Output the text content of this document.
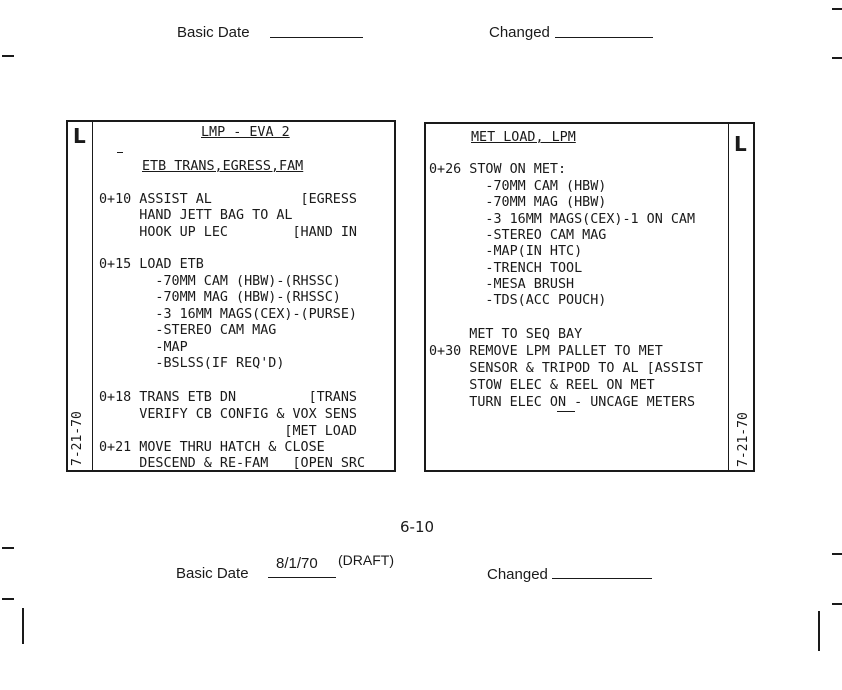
Basic Date	Changed
L
7-21-70
LMP - EVA 2
ETB TRANS,EGRESS,FAM
0+10 ASSIST AL           [EGRESS
HAND JETT BAG TO AL
HOOK UP LEC        [HAND IN
0+15 LOAD ETB
-70MM CAM (HBW)-(RHSSC)
-70MM MAG (HBW)-(RHSSC)
-3 16MM MAGS(CEX)-(PURSE)
-STEREO CAM MAG
-MAP
-BSLSS(IF REQ'D)
0+18 TRANS ETB DN         [TRANS
VERIFY CB CONFIG & VOX SENS
[MET LOAD
0+21 MOVE THRU HATCH & CLOSE
DESCEND & RE-FAM   [OPEN SRC
L
7-21-70
MET LOAD, LPM
0+26 STOW ON MET:
-70MM CAM (HBW)
-70MM MAG (HBW)
-3 16MM MAGS(CEX)-1 ON CAM
-STEREO CAM MAG
-MAP(IN HTC)
-TRENCH TOOL
-MESA BRUSH
-TDS(ACC POUCH)
MET TO SEQ BAY
0+30 REMOVE LPM PALLET TO MET
SENSOR & TRIPOD TO AL [ASSIST
STOW ELEC & REEL ON MET
TURN ELEC ON - UNCAGE METERS
6-10
Basic Date
8/1/70 (DRAFT)
Changed
